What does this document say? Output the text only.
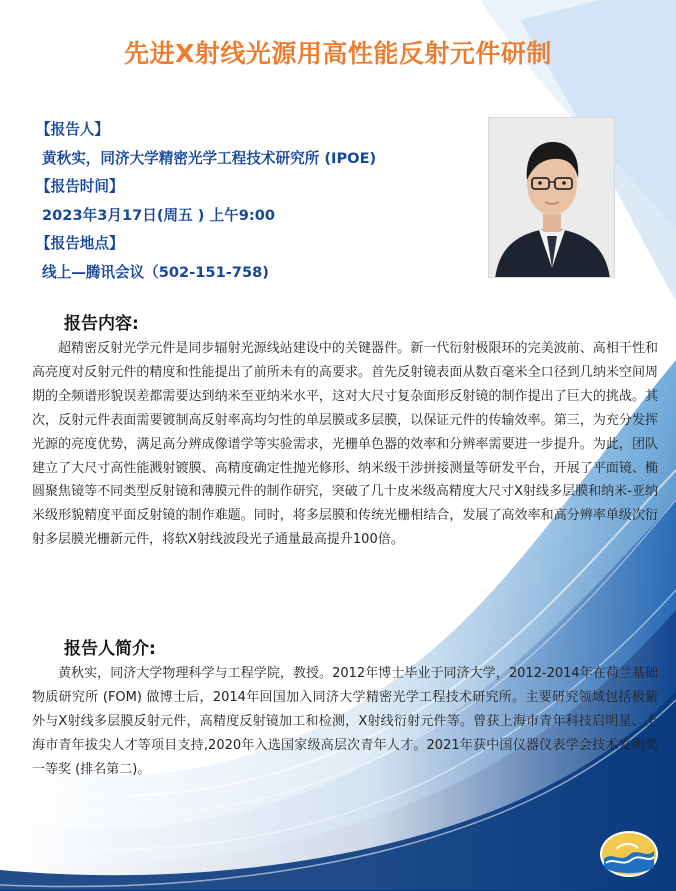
先进X射线光源用高性能反射元件研制
【报告人】
黄秋实，同济大学精密光学工程技术研究所 (IPOE)
【报告时间】
2023年3月17日(周五 ) 上午9:00
【报告地点】
线上—腾讯会议（502-151-758)
报告内容:

超精密反射光学元件是同步辐射光源线站建设中的关键器件。新一代衍射极限环的完美波前、高相干性和高亮度对反射元件的精度和性能提出了前所未有的高要求。首先反射镜表面从数百毫米全口径到几纳米空间周期的全频谱形貌误差都需要达到纳米至亚纳米水平，这对大尺寸复杂面形反射镜的制作提出了巨大的挑战。其次，反射元件表面需要镀制高反射率高均匀性的单层膜或多层膜，以保证元件的传输效率。第三，为充分发挥光源的亮度优势，满足高分辨成像谱学等实验需求，光栅单色器的效率和分辨率需要进一步提升。为此，团队建立了大尺寸高性能溅射镀膜、高精度确定性抛光修形、纳米级干涉拼接测量等研发平台，开展了平面镜、椭圆聚焦镜等不同类型反射镜和薄膜元件的制作研究，突破了几十皮米级高精度大尺寸X射线多层膜和纳米-亚纳米级形貌精度平面反射镜的制作难题。同时，将多层膜和传统光栅相结合，发展了高效率和高分辨率单级次衍射多层膜光栅新元件，将软X射线波段光子通量最高提升100倍。

报告人简介:

黄秋实，同济大学物理科学与工程学院，教授。2012年博士毕业于同济大学，2012-2014年在荷兰基础物质研究所 (FOM) 做博士后，2014年回国加入同济大学精密光学工程技术研究所。主要研究领域包括极紫外与X射线多层膜反射元件，高精度反射镜加工和检测，X射线衍射元件等。曾获上海市青年科技启明星、上海市青年拔尖人才等项目支持,2020年入选国家级高层次青年人才。2021年获中国仪器仪表学会技术发明奖一等奖 (排名第二)。
